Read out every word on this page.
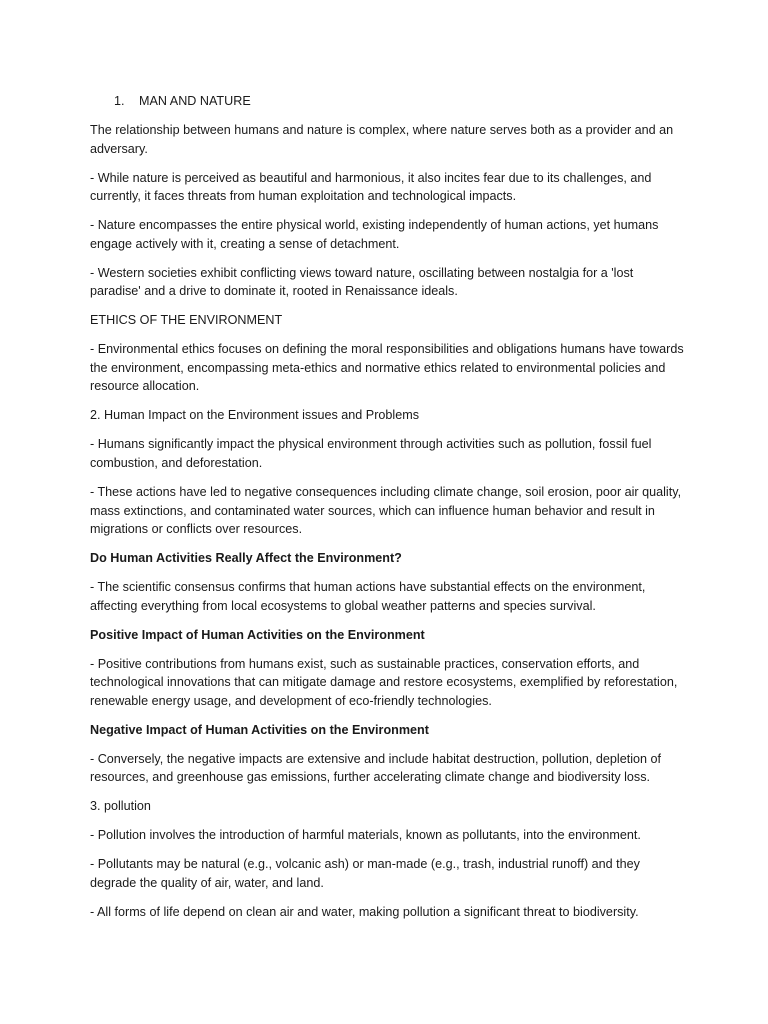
1.	MAN AND NATURE

The relationship between humans and nature is complex, where nature serves both as a provider and an adversary.

- While nature is perceived as beautiful and harmonious, it also incites fear due to its challenges, and currently, it faces threats from human exploitation and technological impacts.

- Nature encompasses the entire physical world, existing independently of human actions, yet humans engage actively with it, creating a sense of detachment.

- Western societies exhibit conflicting views toward nature, oscillating between nostalgia for a 'lost paradise' and a drive to dominate it, rooted in Renaissance ideals.

ETHICS OF THE ENVIRONMENT

- Environmental ethics focuses on defining the moral responsibilities and obligations humans have towards the environment, encompassing meta-ethics and normative ethics related to environmental policies and resource allocation.

2. Human Impact on the Environment issues and Problems

- Humans significantly impact the physical environment through activities such as pollution, fossil fuel combustion, and deforestation.

- These actions have led to negative consequences including climate change, soil erosion, poor air quality, mass extinctions, and contaminated water sources, which can influence human behavior and result in migrations or conflicts over resources.

Do Human Activities Really Affect the Environment?

- The scientific consensus confirms that human actions have substantial effects on the environment, affecting everything from local ecosystems to global weather patterns and species survival.

Positive Impact of Human Activities on the Environment

- Positive contributions from humans exist, such as sustainable practices, conservation efforts, and technological innovations that can mitigate damage and restore ecosystems, exemplified by reforestation, renewable energy usage, and development of eco-friendly technologies.

Negative Impact of Human Activities on the Environment

- Conversely, the negative impacts are extensive and include habitat destruction, pollution, depletion of resources, and greenhouse gas emissions, further accelerating climate change and biodiversity loss.

3. pollution

- Pollution involves the introduction of harmful materials, known as pollutants, into the environment.

- Pollutants may be natural (e.g., volcanic ash) or man-made (e.g., trash, industrial runoff) and they degrade the quality of air, water, and land.

- All forms of life depend on clean air and water, making pollution a significant threat to biodiversity.
